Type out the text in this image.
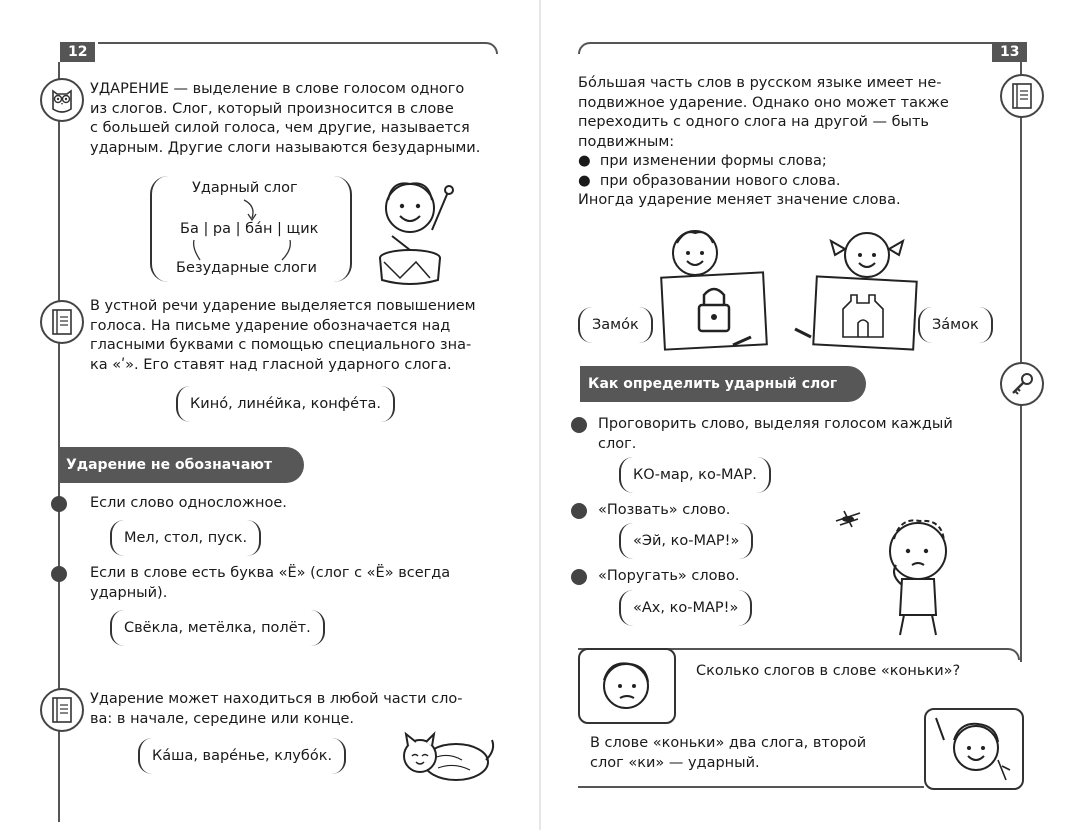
12

УДАРЕНИЕ — выделение в слове голосом одного

из слогов. Слог, который произносится в слове

с большей силой голоса, чем другие, называется

ударным. Другие слоги называются безударными.

Ударный слог
Ба | ра | ба́н | щик
Безударные слоги

В устной речи ударение выделяется повышением

голоса. На письме ударение обозначается над

гласными буквами с помощью специального зна-

ка «ʹ». Его ставят над гласной ударного слога.

Кино́, лине́йка, конфе́та.
Ударение не обозначают
Если слово односложное.
Мел, стол, пуск.

Если в слове есть буква «Ё» (слог с «Ё» всегда

ударный).

Свёкла, метёлка, полёт.

Ударение может находиться в любой части сло-

ва: в начале, середине или конце.

Ка́ша, варе́нье, клубо́к.
13

Бо́льшая часть слов в русском языке имеет не-

подвижное ударение. Однако оно может также

переходить с одного слога на другой — быть

подвижным:

●  при изменении формы слова;

●  при образовании нового слова.

Иногда ударение меняет значение слова.

Замо́к	За́мок
Как определить ударный слог

Проговорить слово, выделяя голосом каждый

слог.

КО-мар, ко-МАР.
«Позвать» слово.
«Эй, ко-МАР!»
«Поругать» слово.
«Ах, ко-МАР!»
Сколько слогов в слове «коньки»?

В слове «коньки» два слога, второй

слог «ки» — ударный.
